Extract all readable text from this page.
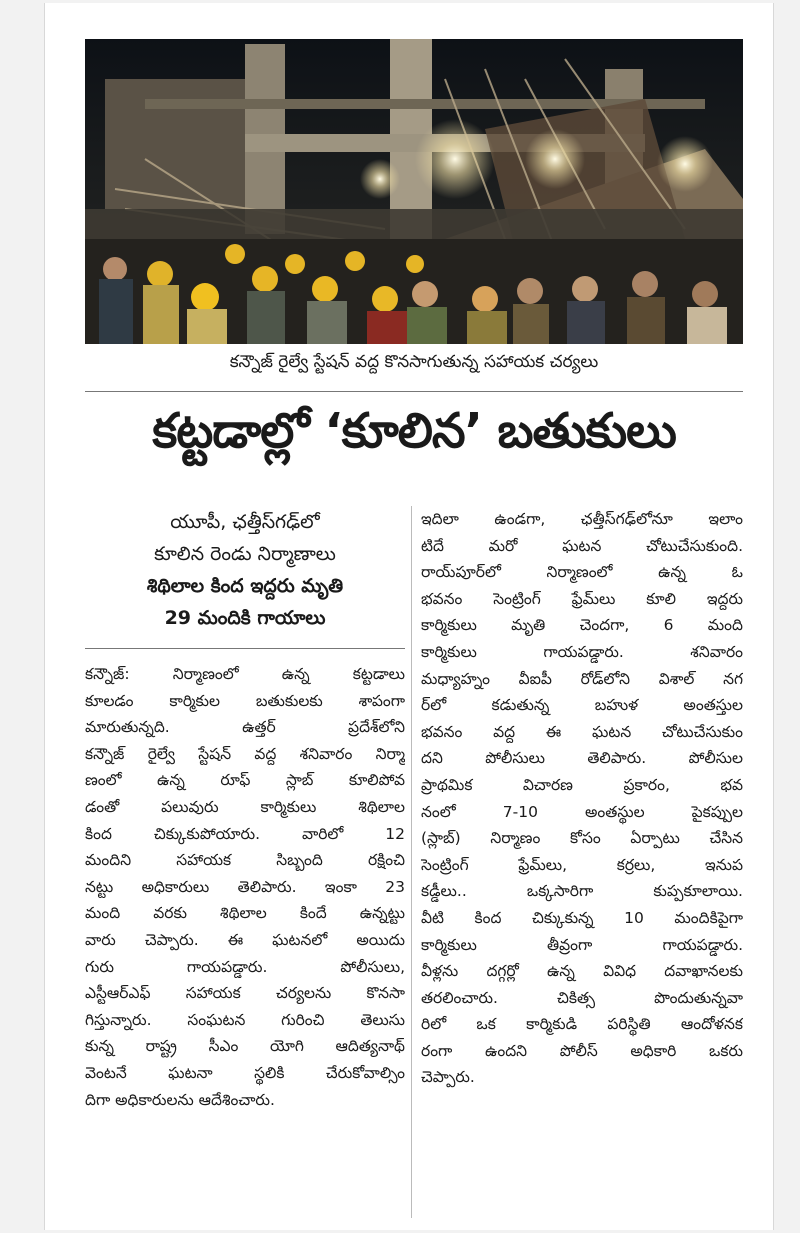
కన్నౌజ్ రైల్వే స్టేషన్ వద్ద కొనసాగుతున్న సహాయక చర్యలు
కట్టడాల్లో ‘కూలిన’ బతుకులు
యూపీ, ఛత్తీస్‌గఢ్‌లో
కూలిన రెండు నిర్మాణాలు
శిథిలాల కింద ఇద్దరు మృతి
29 మందికి గాయాలు
కన్నౌజ్: నిర్మాణంలో ఉన్న కట్టడాలు
కూలడం కార్మికుల బతుకులకు శాపంగా
మారుతున్నది. ఉత్తర్ ప్రదేశ్‌లోని
కన్నౌజ్ రైల్వే స్టేషన్ వద్ద శనివారం నిర్మా
ణంలో ఉన్న రూఫ్ స్లాబ్ కూలిపోవ
డంతో పలువురు కార్మికులు శిథిలాల
కింద చిక్కుకుపోయారు. వారిలో 12
మందిని సహాయక సిబ్బంది రక్షించి
నట్టు అధికారులు తెలిపారు. ఇంకా 23
మంది వరకు శిథిలాల కిందే ఉన్నట్టు
వారు చెప్పారు. ఈ ఘటనలో అయిదు
గురు గాయపడ్డారు. పోలీసులు,
ఎస్టీఆర్ఎఫ్ సహాయక చర్యలను కొనసా
గిస్తున్నారు. సంఘటన గురించి తెలుసు
కున్న రాష్ట్ర సీఎం యోగి ఆదిత్యనాథ్
వెంటనే ఘటనా స్థలికి చేరుకోవాల్సిం
దిగా అధికారులను ఆదేశించారు.
ఇదిలా ఉండగా, ఛత్తీస్‌గఢ్‌లోనూ ఇలాం
టిదే మరో ఘటన చోటుచేసుకుంది.
రాయ్‌పూర్‌లో నిర్మాణంలో ఉన్న ఓ
భవనం సెంట్రింగ్ ఫ్రేమ్‌లు కూలి ఇద్దరు
కార్మికులు మృతి చెందగా, 6 మంది
కార్మికులు గాయపడ్డారు. శనివారం
మధ్యాహ్నం వీఐపీ రోడ్‌లోని విశాల్ నగ
ర్‌లో కడుతున్న బహుళ అంతస్తుల
భవనం వద్ద ఈ ఘటన చోటుచేసుకుం
దని పోలీసులు తెలిపారు. పోలీసుల
ప్రాథమిక విచారణ ప్రకారం, భవ
నంలో 7-10 అంతస్థుల పైకప్పుల
(స్లాబ్) నిర్మాణం కోసం ఏర్పాటు చేసిన
సెంట్రింగ్ ఫ్రేమ్‌లు, కర్రలు, ఇనుప
కడ్డీలు.. ఒక్కసారిగా కుప్పకూలాయి.
వీటి కింద చిక్కుకున్న 10 మందికిపైగా
కార్మికులు తీవ్రంగా గాయపడ్డారు.
వీళ్లను దగ్గర్లో ఉన్న వివిధ దవాఖానలకు
తరలించారు. చికిత్స పొందుతున్నవా
రిలో ఒక కార్మికుడి పరిస్థితి ఆందోళనక
రంగా ఉందని పోలీస్ అధికారి ఒకరు
చెప్పారు.
